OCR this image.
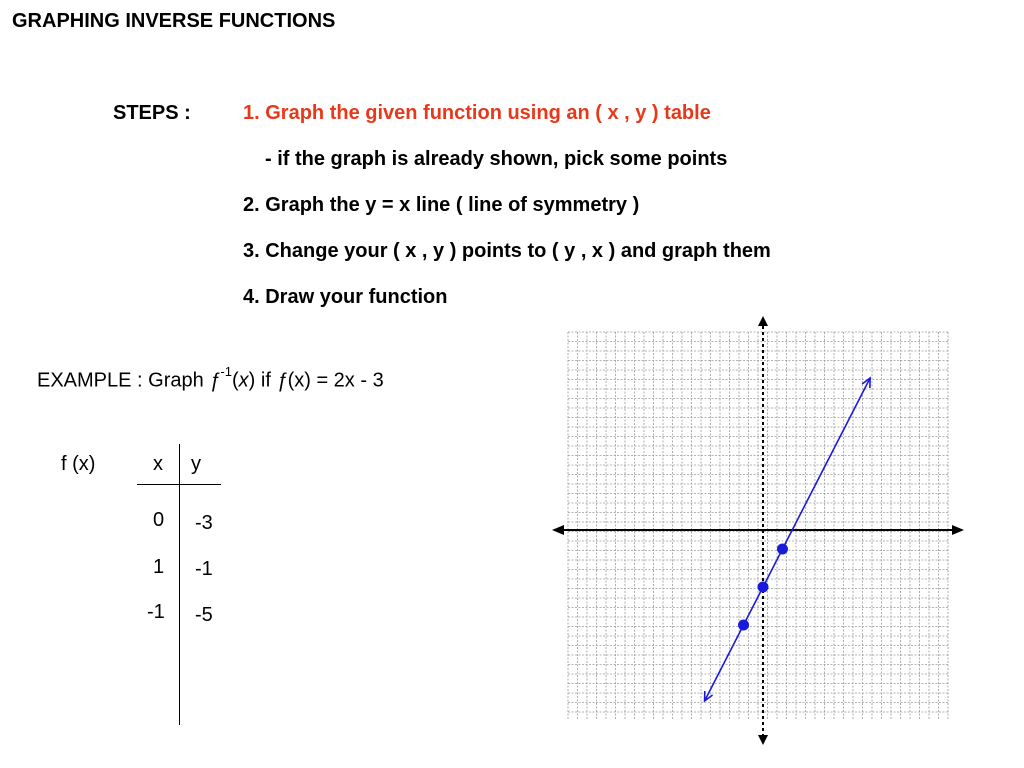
GRAPHING INVERSE FUNCTIONS
STEPS :	1. Graph the given function using an ( x , y ) table
- if the graph is already shown, pick some points
2. Graph the y = x line ( line of symmetry )
3. Change your ( x , y ) points to ( y , x ) and graph them
4. Draw your function
EXAMPLE : Graph $ƒ^{-1}(x)$ if ƒ(x) = 2x - 3
f (x)	x y
0
1
-1
-3
-1
-5
